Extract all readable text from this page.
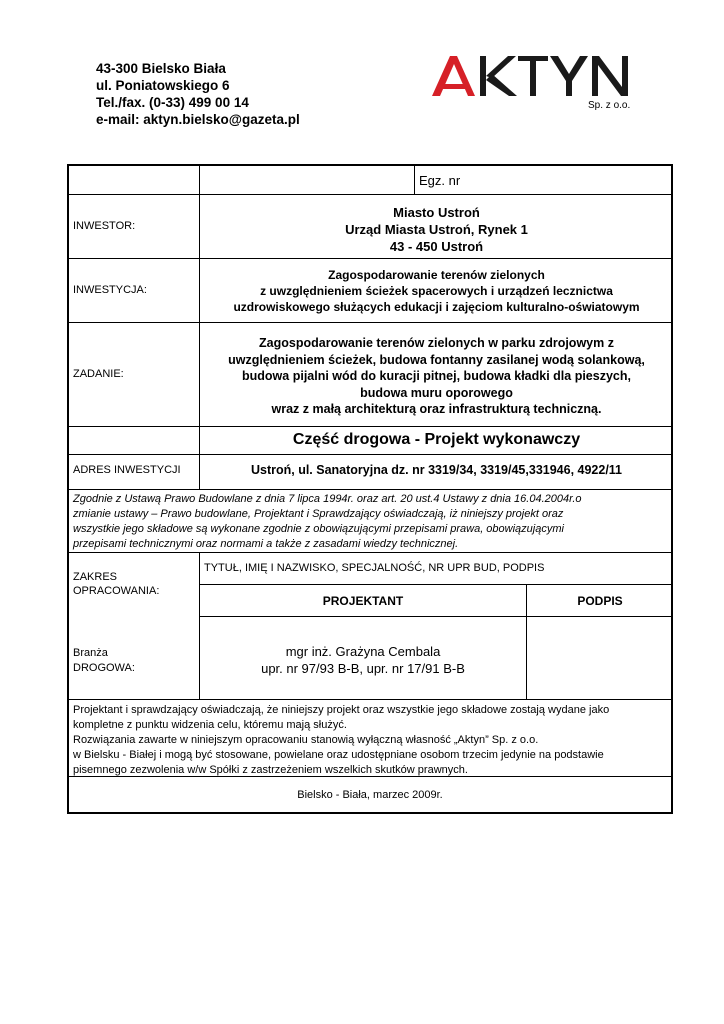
43-300 Bielsko Biała
ul. Poniatowskiego 6
Tel./fax. (0-33) 499 00 14
e-mail: aktyn.bielsko@gazeta.pl
Sp. z o.o.
Egz. nr
INWESTOR:
Miasto Ustroń
Urząd Miasta Ustroń, Rynek 1
43 - 450 Ustroń
INWESTYCJA:
Zagospodarowanie terenów zielonych
z uwzględnieniem ścieżek spacerowych i urządzeń lecznictwa
uzdrowiskowego służących edukacji i zajęciom kulturalno-oświatowym
ZADANIE:
Zagospodarowanie terenów zielonych w parku zdrojowym z
uwzględnieniem ścieżek, budowa fontanny zasilanej wodą solankową,
budowa pijalni wód do kuracji pitnej, budowa kładki dla pieszych,
budowa muru oporowego
wraz z małą architekturą oraz infrastrukturą techniczną.
Część drogowa - Projekt wykonawczy
ADRES INWESTYCJI	Ustroń, ul. Sanatoryjna dz. nr 3319/34, 3319/45,331946, 4922/11
Zgodnie z Ustawą Prawo Budowlane z dnia 7 lipca 1994r. oraz art. 20 ust.4 Ustawy z dnia 16.04.2004r.o
zmianie ustawy – Prawo budowlane, Projektant i Sprawdzający oświadczają, iż niniejszy projekt oraz
wszystkie jego składowe są wykonane zgodnie z obowiązującymi przepisami prawa, obowiązującymi
przepisami technicznymi oraz normami a także z zasadami wiedzy technicznej.
ZAKRES
OPRACOWANIA:
TYTUŁ, IMIĘ I NAZWISKO, SPECJALNOŚĆ, NR UPR BUD, PODPIS
PROJEKTANT	PODPIS
Branża
DROGOWA:
mgr inż. Grażyna Cembala
upr. nr 97/93 B-B, upr. nr 17/91 B-B
Projektant i sprawdzający oświadczają, że niniejszy projekt oraz wszystkie jego składowe zostają wydane jako
kompletne z punktu widzenia celu, któremu mają służyć.
Rozwiązania zawarte w niniejszym opracowaniu stanowią wyłączną własność „Aktyn” Sp. z o.o.
w Bielsku - Białej i mogą być stosowane, powielane oraz udostępniane osobom trzecim jedynie na podstawie
pisemnego zezwolenia w/w Spółki z zastrzeżeniem wszelkich skutków prawnych.
Bielsko - Biała, marzec 2009r.
